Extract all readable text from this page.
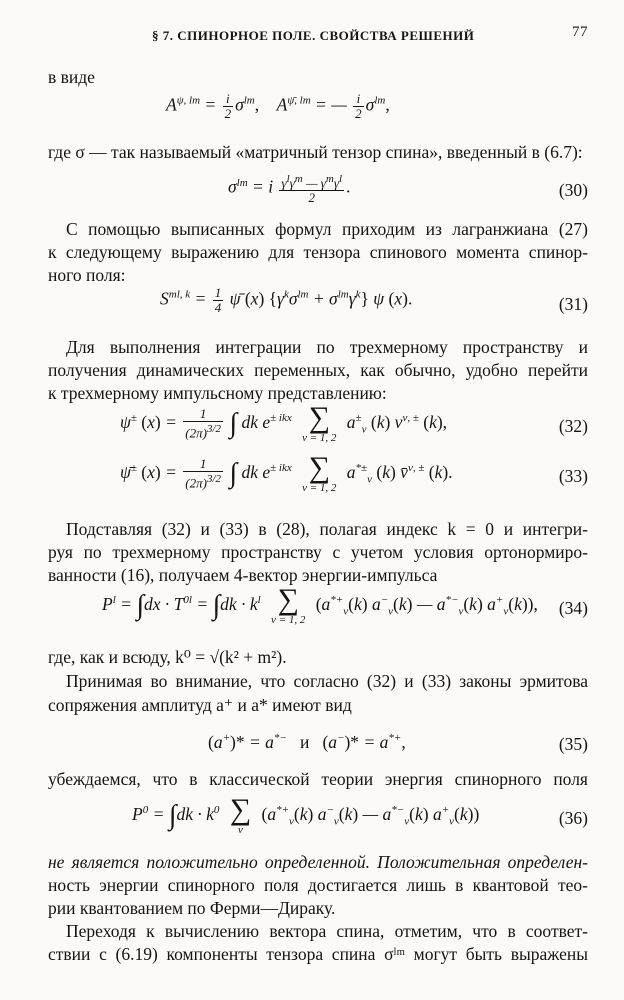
§ 7. СПИНОРНОЕ ПОЛЕ. СВОЙСТВА РЕШЕНИЙ	77
в виде
$A^{\psi, lm} = \frac{i}{2} \sigma^{lm}$, $A^{\psī, lm}$ = — $\frac{i}{2} \sigma^{lm}$,
где σ — так называемый «матричный тензор спина», введенный в (6.7):
$\sigma^{lm} = i \frac{\gamma^l\gamma^m — \gamma^m\gamma^l}{2}$ .	(30)
С помощью выписанных формул приходим из лагранжиана (27)
к следующему выражению для тензора спинового момента спинор-
ного поля:
$S^{ml, k} = \frac{1}{4}$ ψ̄ (x) $\{\gamma^k\sigma^{lm} + \sigma^{lm}\gamma^k\}$ ψ (x).	(31)
Для выполнения интеграции по трехмерному пространству и
получения динамических переменных, как обычно, удобно перейти
к трехмерному импульсному представлению:
ψ± $(x) = \frac{1}{(2\pi)^{3/2}}$ ∫ dk $e^{\pm ikx}$ ∑
ν = 1, 2
$a^\pm_\nu$ (k) $v^{\nu, \pm}$ (k),	(32)
ψ̄± $(x) = \frac{1}{(2\pi)^{3/2}}$ ∫ dk $e^{\pm ikx}$ ∑
ν = 1, 2
$a^{*\pm}_\nu$ (k) v̄$^{\nu, \pm}$ (k).	(33)
Подставляя (32) и (33) в (28), полагая индекс k = 0 и интегри-
руя по трехмерному пространству с учетом условия ортонормиро-
ванности (16), получаем 4-вектор энергии-импульса
$P^l = \int dx \cdot T^{0l} = \int dk \cdot k^l$ ∑
ν = 1, 2
($a^{*+}_\nu(k)$ $a^-_\nu(k)$ — $a^{*-}_\nu(k)$ $a^+_\nu(k)$), (34)
где, как и всюду, k⁰ = √(k² + m²).
Принимая во внимание, что согласно (32) и (33) законы эрмитова
сопряжения амплитуд a⁺ и a* имеют вид
(a+)* = a*− и (a−)* = a*+,	(35)
убеждаемся, что в классической теории энергия спинорного поля
$P^0 = \int dk \cdot k^0$ ∑
ν
($a^{*+}_\nu(k)$ $a^-_\nu(k)$ — $a^{*-}_\nu(k)$ $a^+_\nu(k)$)	(36)
не является положительно определенной. Положительная определен-
ность энергии спинорного поля достигается лишь в квантовой тео-
рии квантованием по Ферми—Дираку.
Переходя к вычислению вектора спина, отметим, что в соответ-
ствии с (6.19) компоненты тензора спина σˡᵐ могут быть выражены
